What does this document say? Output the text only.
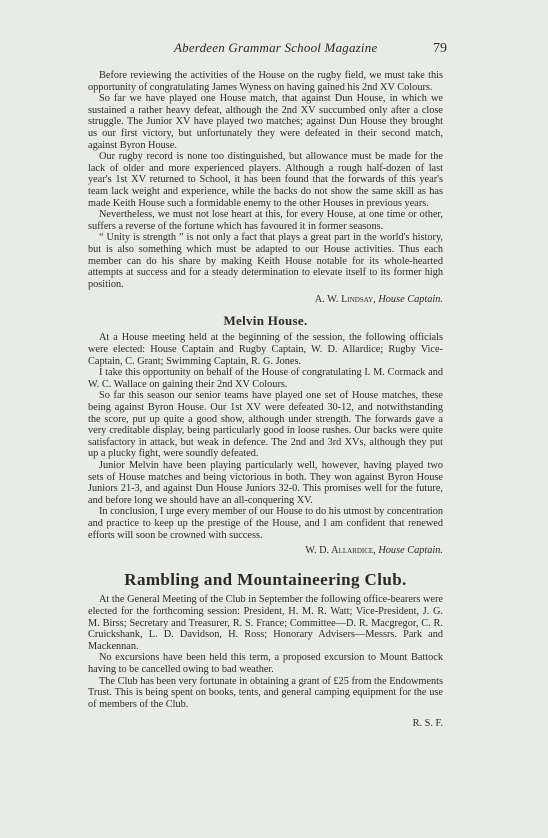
Aberdeen Grammar School Magazine	79

Before reviewing the activities of the House on the rugby field, we must take this opportunity of congratulating James Wyness on having gained his 2nd XV Colours.

So far we have played one House match, that against Dun House, in which we sustained a rather heavy defeat, although the 2nd XV succumbed only after a close struggle. The Junior XV have played two matches; against Dun House they brought us our first victory, but unfortunately they were defeated in their second match, against Byron House.

Our rugby record is none too distinguished, but allowance must be made for the lack of older and more experienced players. Although a rough half-dozen of last year's 1st XV returned to School, it has been found that the forwards of this year's team lack weight and experience, while the backs do not show the same skill as has made Keith House such a formidable enemy to the other Houses in previous years.

Nevertheless, we must not lose heart at this, for every House, at one time or other, suffers a reverse of the fortune which has favoured it in former seasons.

“ Unity is strength ” is not only a fact that plays a great part in the world's history, but is also something which must be adapted to our House activities. Thus each member can do his share by making Keith House notable for its whole-hearted attempts at success and for a steady determination to elevate itself to its former high position.

A. W. Lindsay, House Captain.
Melvin House.

At a House meeting held at the beginning of the session, the following officials were elected: House Captain and Rugby Captain, W. D. Allardice; Rugby Vice-Captain, C. Grant; Swimming Captain, R. G. Jones.

I take this opportunity on behalf of the House of congratulating I. M. Cormack and W. C. Wallace on gaining their 2nd XV Colours.

So far this season our senior teams have played one set of House matches, these being against Byron House. Our 1st XV were defeated 30-12, and notwithstanding the score, put up quite a good show, although under strength. The forwards gave a very creditable display, being particularly good in loose rushes. Our backs were quite satisfactory in attack, but weak in defence. The 2nd and 3rd XVs, although they put up a plucky fight, were soundly defeated.

Junior Melvin have been playing particularly well, however, having played two sets of House matches and being victorious in both. They won against Byron House Juniors 21-3, and against Dun House Juniors 32-0. This promises well for the future, and before long we should have an all-conquering XV.

In conclusion, I urge every member of our House to do his utmost by concentration and practice to keep up the prestige of the House, and I am confident that renewed efforts will soon be crowned with success.

W. D. Allardice, House Captain.
Rambling and Mountaineering Club.

At the General Meeting of the Club in September the following office-bearers were elected for the forthcoming session: President, H. M. R. Watt; Vice-President, J. G. M. Birss; Secretary and Treasurer, R. S. France; Committee—D. R. Macgregor, C. R. Cruickshank, L. D. Davidson, H. Ross; Honorary Advisers—Messrs. Park and Mackennan.

No excursions have been held this term, a proposed excursion to Mount Battock having to be cancelled owing to bad weather.

The Club has been very fortunate in obtaining a grant of £25 from the Endowments Trust. This is being spent on books, tents, and general camping equipment for the use of members of the Club.

R. S. F.
